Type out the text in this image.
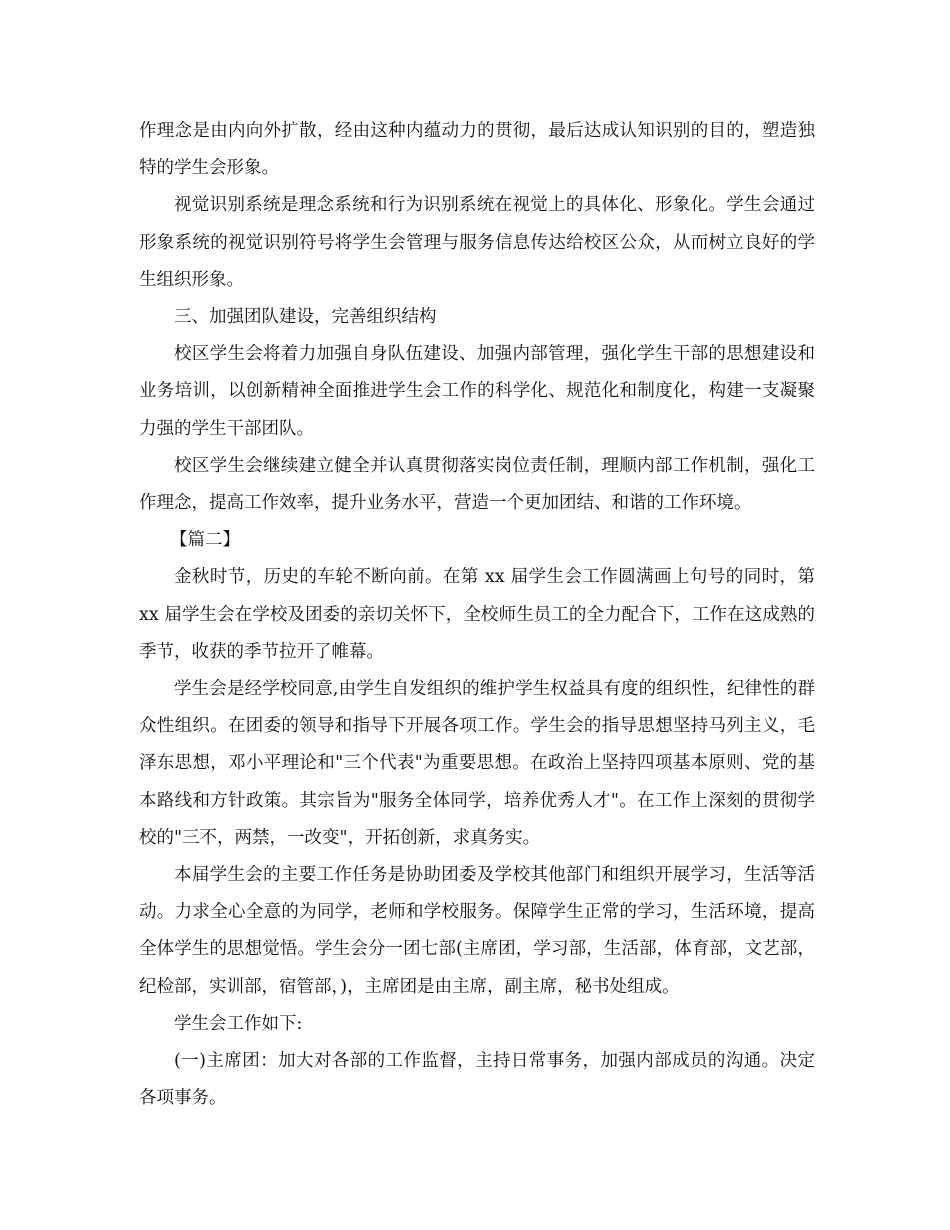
作理念是由内向外扩散，经由这种内蕴动力的贯彻，最后达成认知识别的目的，塑造独特的学生会形象。

视觉识别系统是理念系统和行为识别系统在视觉上的具体化、形象化。学生会通过形象系统的视觉识别符号将学生会管理与服务信息传达给校区公众，从而树立良好的学生组织形象。

三、加强团队建设，完善组织结构

校区学生会将着力加强自身队伍建设、加强内部管理，强化学生干部的思想建设和业务培训，以创新精神全面推进学生会工作的科学化、规范化和制度化，构建一支凝聚力强的学生干部团队。

校区学生会继续建立健全并认真贯彻落实岗位责任制，理顺内部工作机制，强化工作理念，提高工作效率，提升业务水平，营造一个更加团结、和谐的工作环境。

【篇二】

金秋时节，历史的车轮不断向前。在第 xx 届学生会工作圆满画上句号的同时，第 xx 届学生会在学校及团委的亲切关怀下，全校师生员工的全力配合下，工作在这成熟的季节，收获的季节拉开了帷幕。

学生会是经学校同意,由学生自发组织的维护学生权益具有度的组织性，纪律性的群众性组织。在团委的领导和指导下开展各项工作。学生会的指导思想坚持马列主义，毛泽东思想，邓小平理论和"三个代表"为重要思想。在政治上坚持四项基本原则、党的基本路线和方针政策。其宗旨为"服务全体同学，培养优秀人才"。在工作上深刻的贯彻学校的"三不，两禁，一改变"，开拓创新，求真务实。

本届学生会的主要工作任务是协助团委及学校其他部门和组织开展学习，生活等活动。力求全心全意的为同学，老师和学校服务。保障学生正常的学习，生活环境，提高全体学生的思想觉悟。学生会分一团七部(主席团，学习部，生活部，体育部，文艺部，纪检部，实训部，宿管部，)，主席团是由主席，副主席，秘书处组成。

学生会工作如下:

(一)主席团：加大对各部的工作监督，主持日常事务，加强内部成员的沟通。决定各项事务。
